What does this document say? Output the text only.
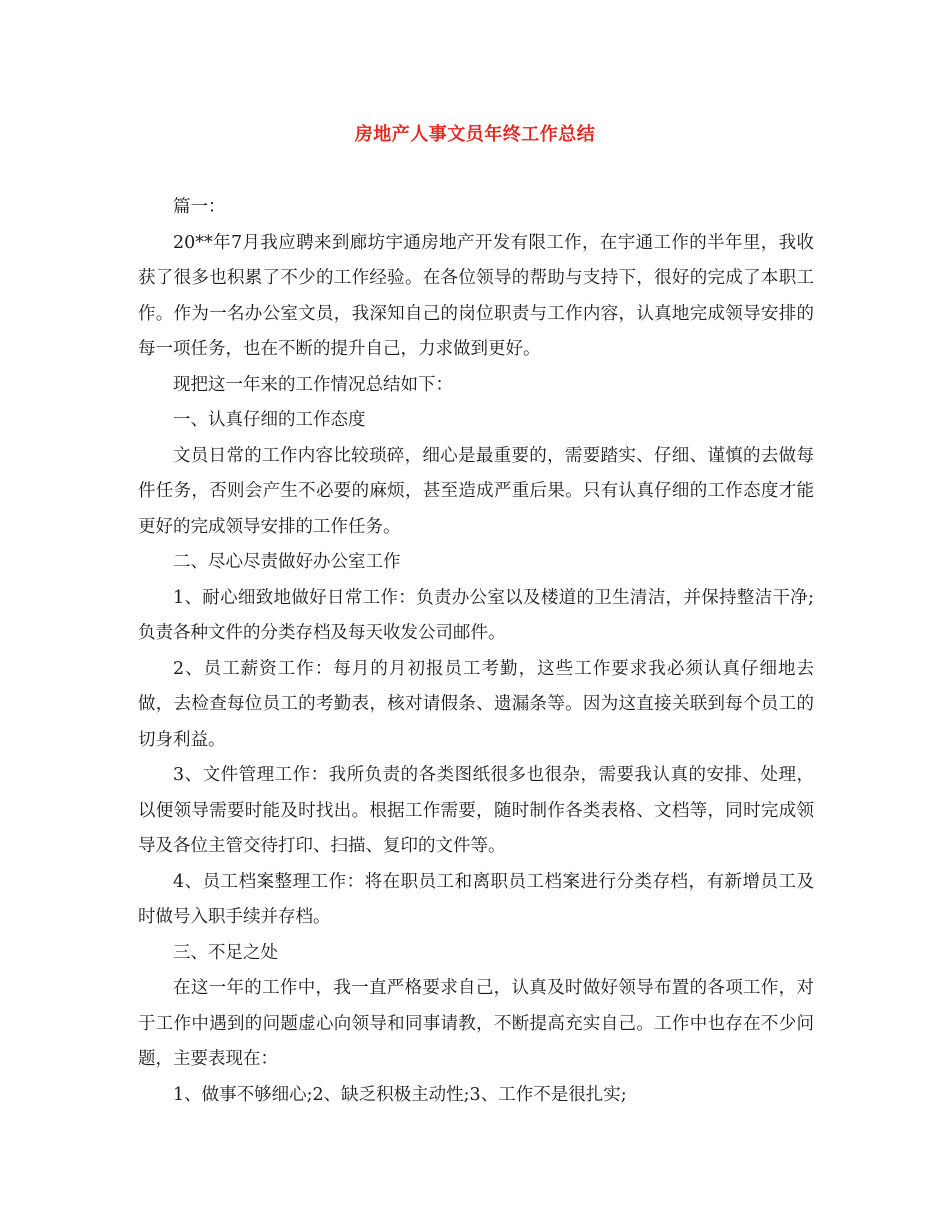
房地产人事文员年终工作总结

篇一：

20**年7月我应聘来到廊坊宇通房地产开发有限工作，在宇通工作的半年里，我收获了很多也积累了不少的工作经验。在各位领导的帮助与支持下，很好的完成了本职工作。作为一名办公室文员，我深知自己的岗位职责与工作内容，认真地完成领导安排的每一项任务，也在不断的提升自己，力求做到更好。

现把这一年来的工作情况总结如下：

一、认真仔细的工作态度

文员日常的工作内容比较琐碎，细心是最重要的，需要踏实、仔细、谨慎的去做每件任务，否则会产生不必要的麻烦，甚至造成严重后果。只有认真仔细的工作态度才能更好的完成领导安排的工作任务。

二、尽心尽责做好办公室工作

1、耐心细致地做好日常工作：负责办公室以及楼道的卫生清洁，并保持整洁干净;负责各种文件的分类存档及每天收发公司邮件。

2、员工薪资工作：每月的月初报员工考勤，这些工作要求我必须认真仔细地去做，去检查每位员工的考勤表，核对请假条、遗漏条等。因为这直接关联到每个员工的切身利益。

3、文件管理工作：我所负责的各类图纸很多也很杂，需要我认真的安排、处理，以便领导需要时能及时找出。根据工作需要，随时制作各类表格、文档等，同时完成领导及各位主管交待打印、扫描、复印的文件等。

4、员工档案整理工作：将在职员工和离职员工档案进行分类存档，有新增员工及时做号入职手续并存档。

三、不足之处

在这一年的工作中，我一直严格要求自己，认真及时做好领导布置的各项工作，对于工作中遇到的问题虚心向领导和同事请教，不断提高充实自己。工作中也存在不少问题，主要表现在：

1、做事不够细心;2、缺乏积极主动性;3、工作不是很扎实;
